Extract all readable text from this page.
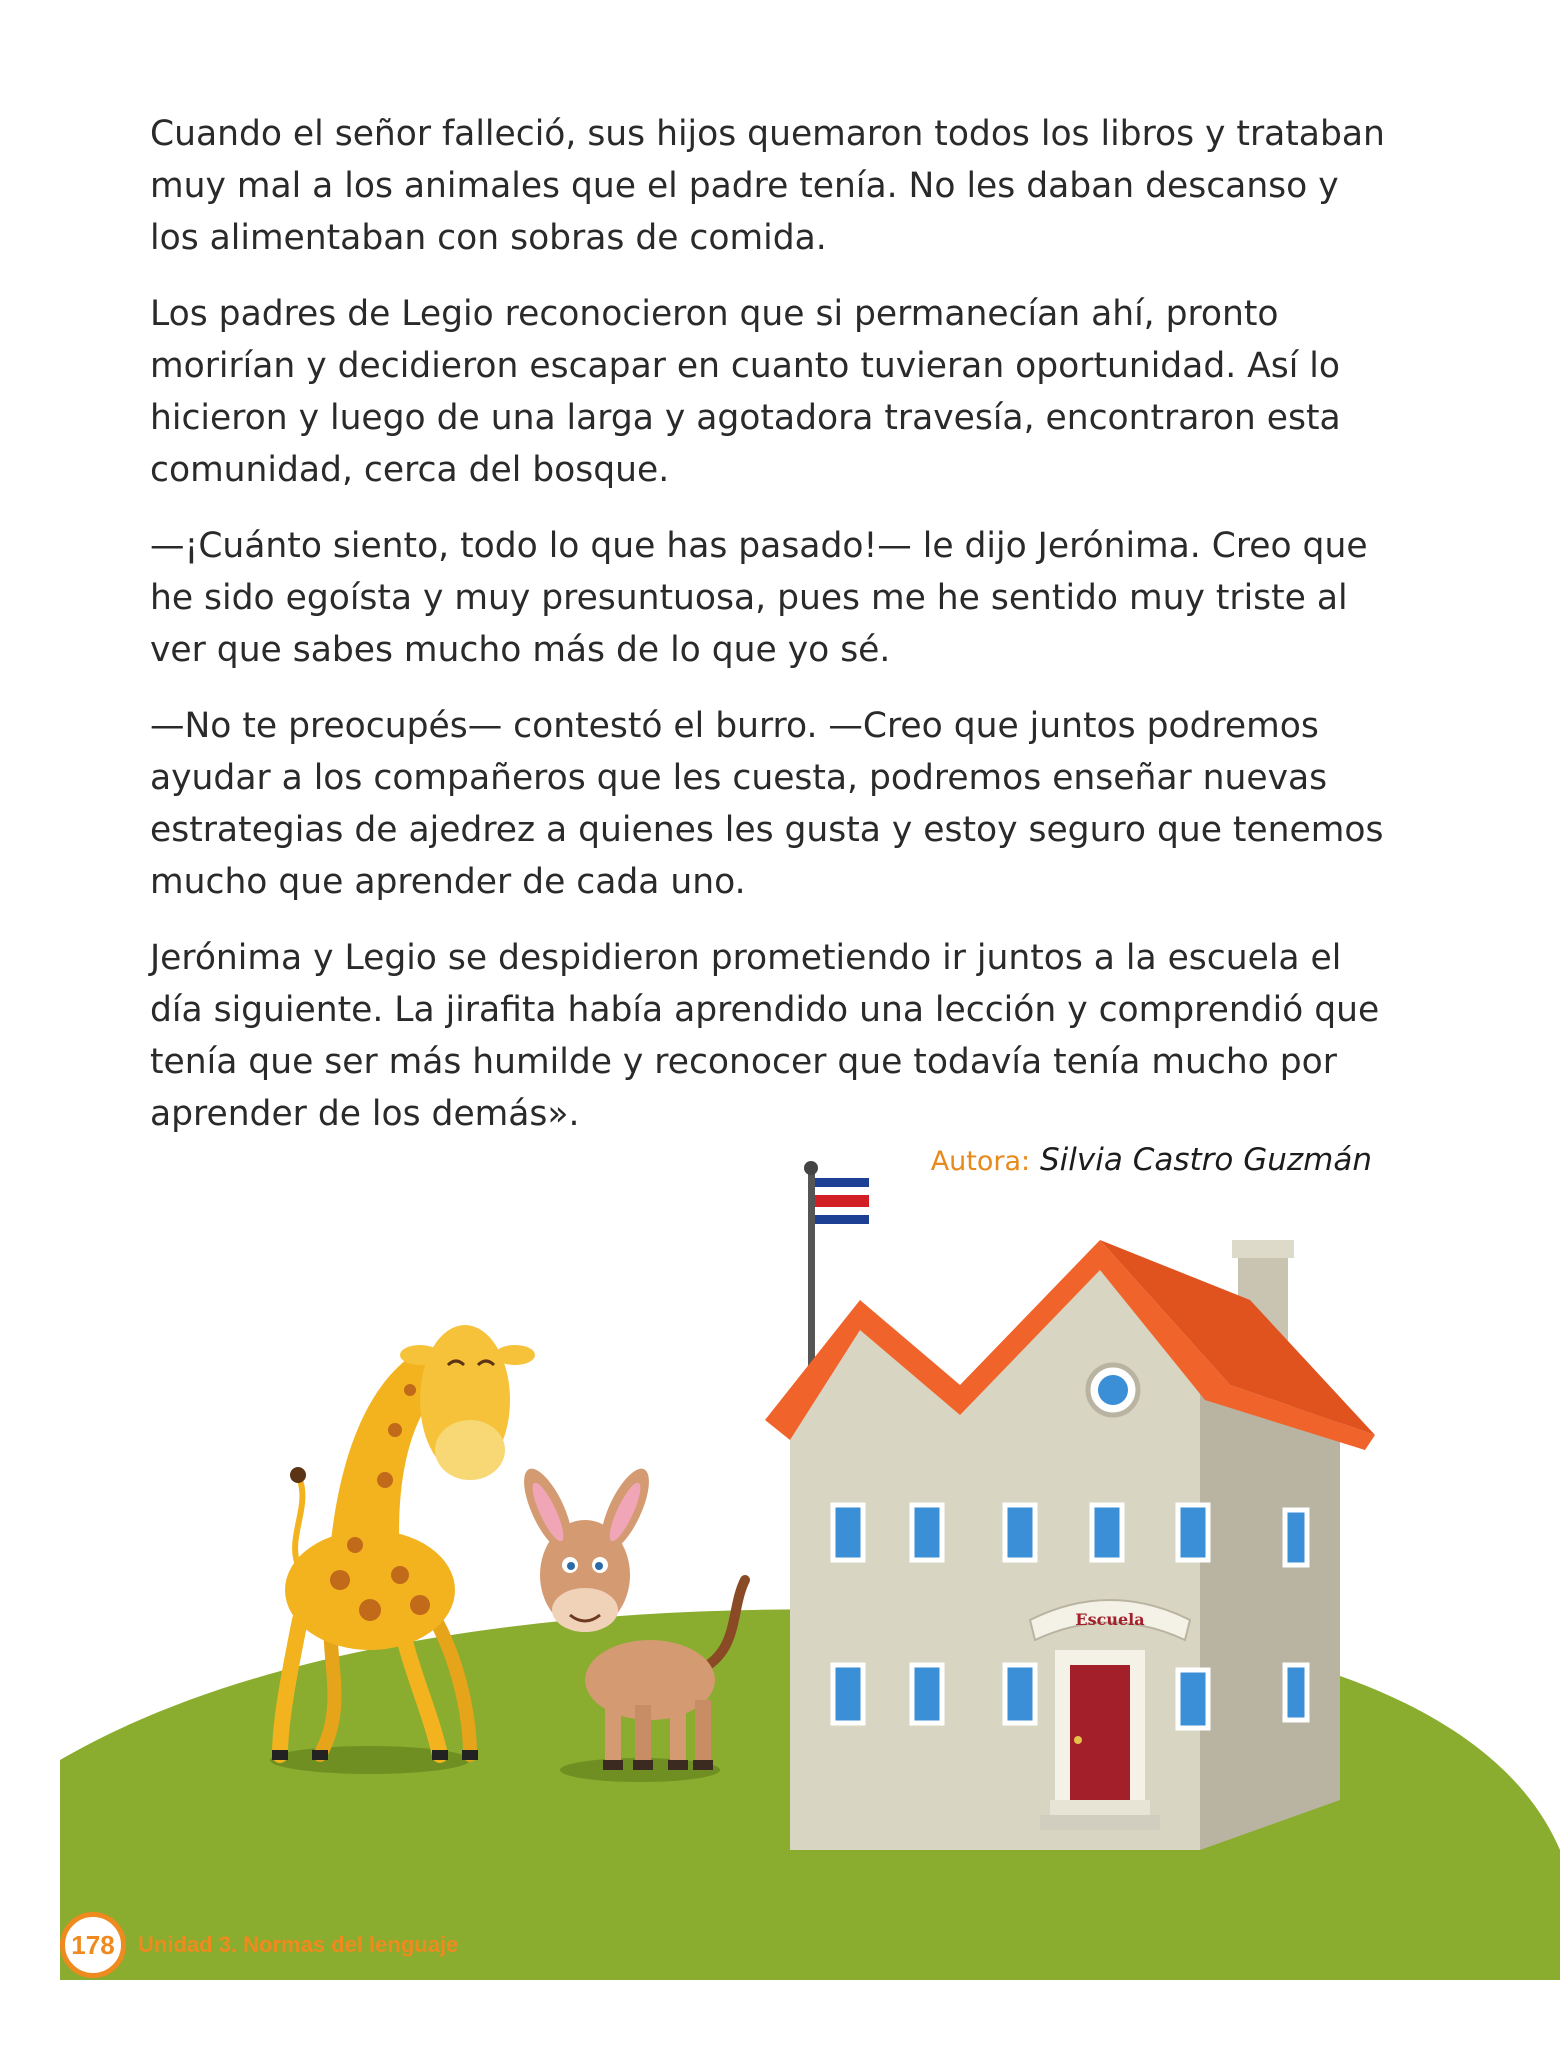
Cuando el señor falleció, sus hijos quemaron todos los libros y trataban muy mal a los animales que el padre tenía. No les daban descanso y los alimentaban con sobras de comida.

Los padres de Legio reconocieron que si permanecían ahí, pronto morirían y decidieron escapar en cuanto tuvieran oportunidad. Así lo hicieron y luego de una larga y agotadora travesía, encontraron esta comunidad, cerca del bosque.

—¡Cuánto siento, todo lo que has pasado!— le dijo Jerónima. Creo que he sido egoísta y muy presuntuosa, pues me he sentido muy triste al ver que sabes mucho más de lo que yo sé.

—No te preocupés— contestó el burro. —Creo que juntos podremos ayudar a los compañeros que les cuesta, podremos enseñar nuevas estrategias de ajedrez a quienes les gusta y estoy seguro que tenemos mucho que aprender de cada uno.

Jerónima y Legio se despidieron prometiendo ir juntos a la escuela el día siguiente. La jirafita había aprendido una lección y comprendió que tenía que ser más humilde y reconocer que todavía tenía mucho por aprender de los demás».

Autora: Silvia Castro Guzmán
Escuela
178	Unidad 3. Normas del lenguaje
